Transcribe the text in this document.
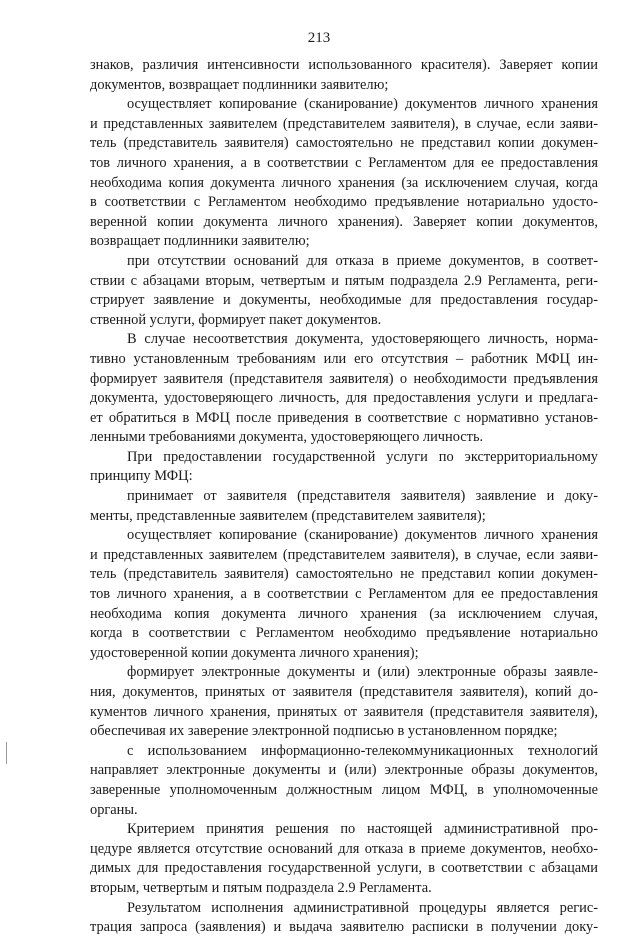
213
знаков, различия интенсивности использованного красителя). Заверяет копии
документов, возвращает подлинники заявителю;
осуществляет копирование (сканирование) документов личного хранения
и представленных заявителем (представителем заявителя), в случае, если заяви-
тель (представитель заявителя) самостоятельно не представил копии докумен-
тов личного хранения, а в соответствии с Регламентом для ее предоставления
необходима копия документа личного хранения (за исключением случая, когда
в соответствии с Регламентом необходимо предъявление нотариально удосто-
веренной копии документа личного хранения). Заверяет копии документов,
возвращает подлинники заявителю;
при отсутствии оснований для отказа в приеме документов, в соответ-
ствии с абзацами вторым, четвертым и пятым подраздела 2.9 Регламента, реги-
стрирует заявление и документы, необходимые для предоставления государ-
ственной услуги, формирует пакет документов.
В случае несоответствия документа, удостоверяющего личность, норма-
тивно установленным требованиям или его отсутствия – работник МФЦ ин-
формирует заявителя (представителя заявителя) о необходимости предъявления
документа, удостоверяющего личность, для предоставления услуги и предлага-
ет обратиться в МФЦ после приведения в соответствие с нормативно установ-
ленными требованиями документа, удостоверяющего личность.
При предоставлении государственной услуги по экстерриториальному
принципу МФЦ:
принимает от заявителя (представителя заявителя) заявление и доку-
менты, представленные заявителем (представителем заявителя);
осуществляет копирование (сканирование) документов личного хранения
и представленных заявителем (представителем заявителя), в случае, если заяви-
тель (представитель заявителя) самостоятельно не представил копии докумен-
тов личного хранения, а в соответствии с Регламентом для ее предоставления
необходима копия документа личного хранения (за исключением случая,
когда в соответствии с Регламентом необходимо предъявление нотариально
удостоверенной копии документа личного хранения);
формирует электронные документы и (или) электронные образы заявле-
ния, документов, принятых от заявителя (представителя заявителя), копий до-
кументов личного хранения, принятых от заявителя (представителя заявителя),
обеспечивая их заверение электронной подписью в установленном порядке;
с использованием информационно-телекоммуникационных технологий
направляет электронные документы и (или) электронные образы документов,
заверенные уполномоченным должностным лицом МФЦ, в уполномоченные
органы.
Критерием принятия решения по настоящей административной про-
цедуре является отсутствие оснований для отказа в приеме документов, необхо-
димых для предоставления государственной услуги, в соответствии с абзацами
вторым, четвертым и пятым подраздела 2.9 Регламента.
Результатом исполнения административной процедуры является регис-
трация запроса (заявления) и выдача заявителю расписки в получении доку-
